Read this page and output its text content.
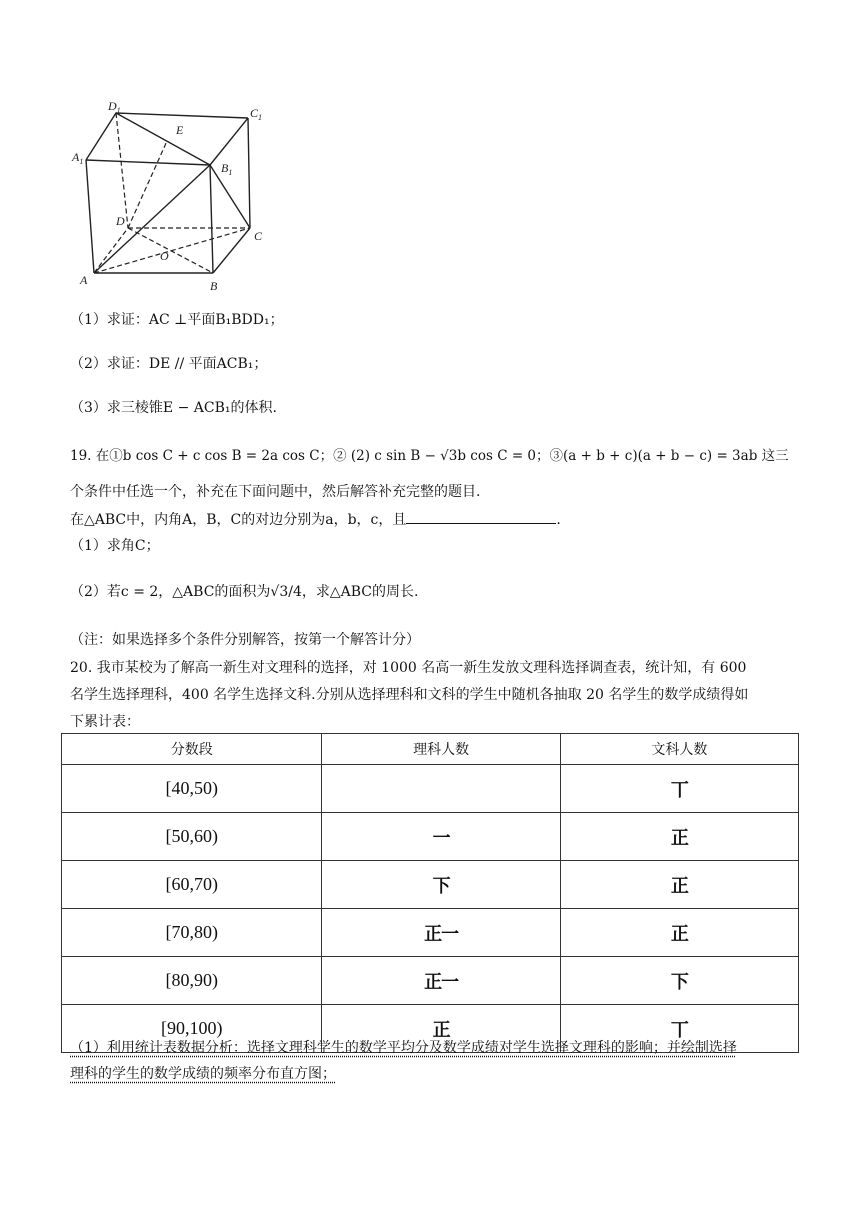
$D_1$	$C_1$
$A_1$	$B_1$
E
D
C
O
A	B
（1）求证：AC ⊥平面B₁BDD₁；
（2）求证：DE // 平面ACB₁；
（3）求三棱锥E − ACB₁的体积.
19. 在①b cos C + c cos B = 2a cos C；② (2) c sin B − √3b cos C = 0；③(a + b + c)(a + b − c) = 3ab 这三
个条件中任选一个，补充在下面问题中，然后解答补充完整的题目.
在△ABC中，内角A，B，C的对边分别为a，b，c，且	.
（1）求角C；
（2）若c = 2，△ABC的面积为√3/4，求△ABC的周长.
（注：如果选择多个条件分别解答，按第一个解答计分）
20. 我市某校为了解高一新生对文理科的选择，对 1000 名高一新生发放文理科选择调查表，统计知，有 600
名学生选择理科，400 名学生选择文科.分别从选择理科和文科的学生中随机各抽取 20 名学生的数学成绩得如
下累计表：
分数段	理科人数	文科人数
[40,50)		丅
[50,60)	一	正
[60,70)	下	正
[70,80)	正一	正
[80,90)	正一	下
[90,100)	正	丅
（1）利用统计表数据分析：选择文理科学生的数学平均分及数学成绩对学生选择文理科的影响；并绘制选择
理科的学生的数学成绩的频率分布直方图；
